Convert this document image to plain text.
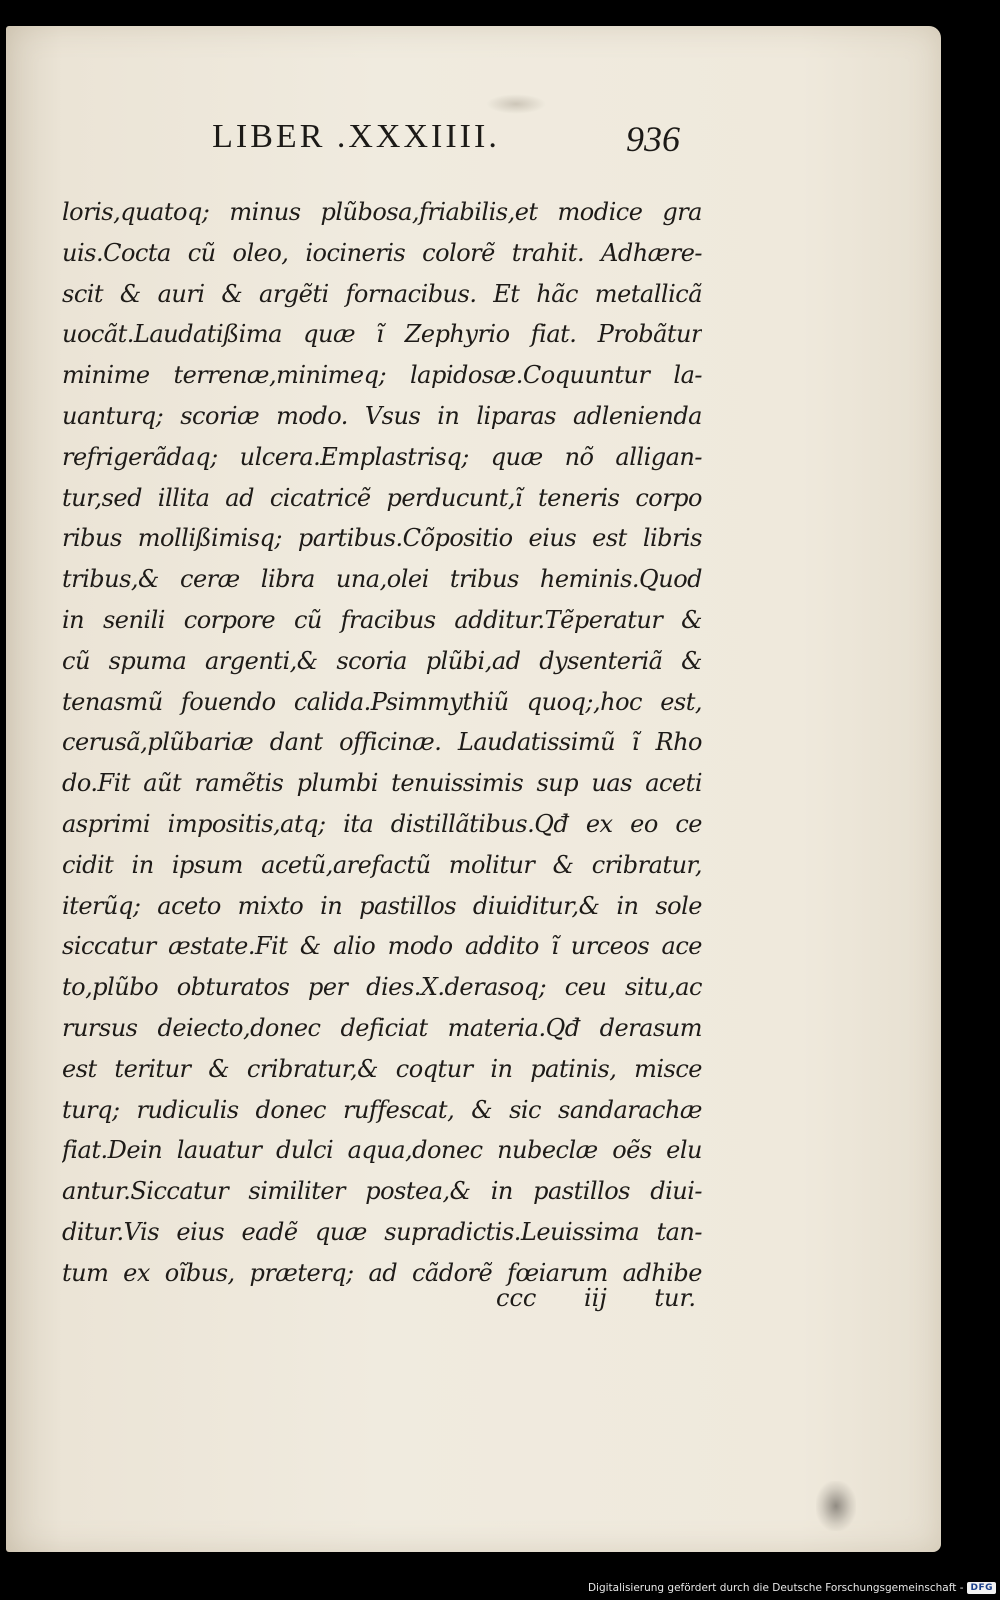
LIBER .XXXIIII.	936
loris,quatoq; minus plũbosa,friabilis,et modice gra
uis.Cocta cũ oleo, iocineris colorẽ trahit. Adhære-
scit & auri & argẽti fornacibus. Et hãc metallicã
uocãt.Laudatißima quæ ĩ Zephyrio fiat. Probãtur
minime terrenæ,minimeq; lapidosæ.Coquuntur la-
uanturq; scoriæ modo. Vsus in liparas adlenienda
refrigerãdaq; ulcera.Emplastrisq; quæ nõ alligan-
tur,sed illita ad cicatricẽ perducunt,ĩ teneris corpo
ribus mollißimisq; partibus.Cõpositio eius est libris
tribus,& ceræ libra una,olei tribus heminis.Quod
in senili corpore cũ fracibus additur.Tẽperatur &
cũ spuma argenti,& scoria plũbi,ad dysenteriã &
tenasmũ fouendo calida.Psimmythiũ quoq;,hoc est,
cerusã,plũbariæ dant officinæ. Laudatissimũ ĩ Rho
do.Fit aũt ramẽtis plumbi tenuissimis sup uas aceti
asprimi impositis,atq; ita distillãtibus.Qđ ex eo ce
cidit in ipsum acetũ,arefactũ molitur & cribratur,
iterũq; aceto mixto in pastillos diuiditur,& in sole
siccatur æstate.Fit & alio modo addito ĩ urceos ace
to,plũbo obturatos per dies.X.derasoq; ceu situ,ac
rursus deiecto,donec deficiat materia.Qđ derasum
est teritur & cribratur,& coqtur in patinis, misce
turq; rudiculis donec ruffescat, & sic sandarachæ
fiat.Dein lauatur dulci aqua,donec nubeclæ oẽs elu
antur.Siccatur similiter postea,& in pastillos diui-
ditur.Vis eius eadẽ quæ supradictis.Leuissima tan-
tum ex oĩbus, præterq; ad cãdorẽ fœiarum adhibe
ccc iij tur.
Digitalisierung gefördert durch die Deutsche Forschungsgemeinschaft - DFG
